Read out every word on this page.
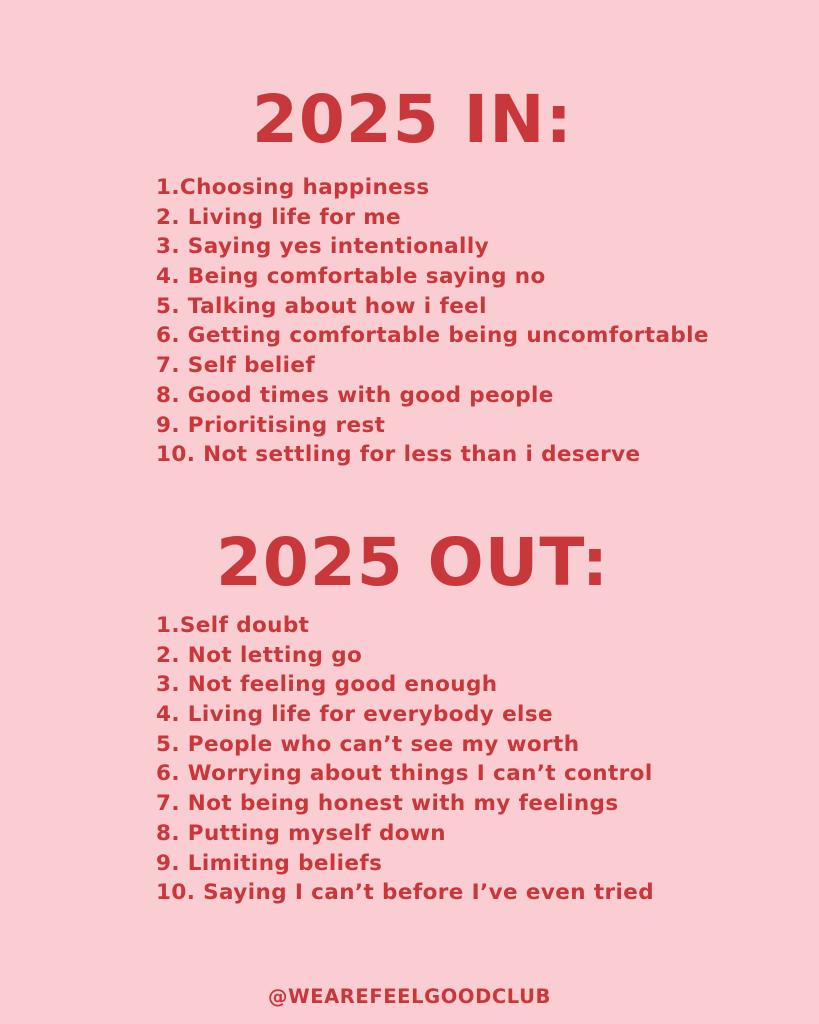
2025 IN:
1.Choosing happiness
2. Living life for me
3. Saying yes intentionally
4. Being comfortable saying no
5. Talking about how i feel
6. Getting comfortable being uncomfortable
7. Self belief
8. Good times with good people
9. Prioritising rest
10. Not settling for less than i deserve
2025 OUT:
1.Self doubt
2. Not letting go
3. Not feeling good enough
4. Living life for everybody else
5. People who can’t see my worth
6. Worrying about things I can’t control
7. Not being honest with my feelings
8. Putting myself down
9. Limiting beliefs
10. Saying I can’t before I’ve even tried
@WEAREFEELGOODCLUB
